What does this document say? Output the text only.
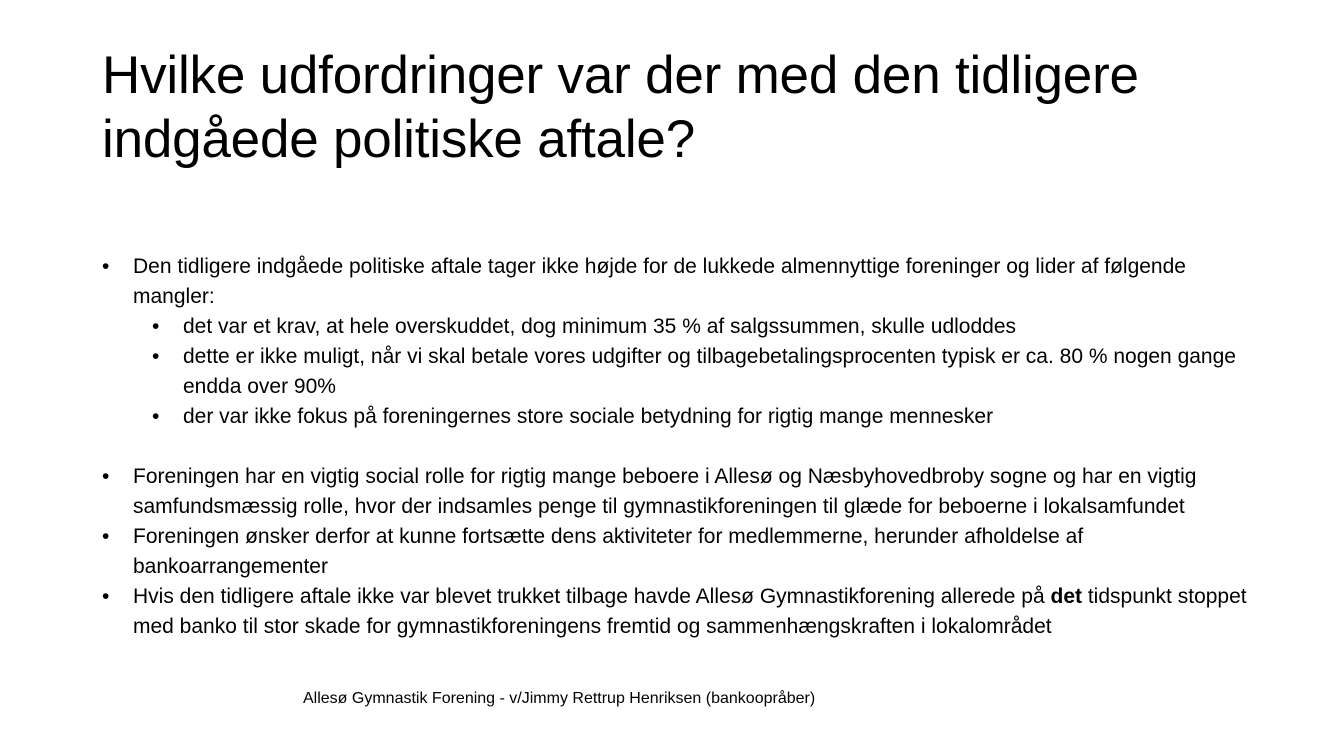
Hvilke udfordringer var der med den tidligere indgåede politiske aftale?
• Den tidligere indgåede politiske aftale tager ikke højde for de lukkede almennyttige foreninger og lider af følgende mangler:
• det var et krav, at hele overskuddet, dog minimum 35 % af salgssummen, skulle udloddes
• dette er ikke muligt, når vi skal betale vores udgifter og tilbagebetalingsprocenten typisk er ca. 80 % nogen gange endda over 90%
• der var ikke fokus på foreningernes store sociale betydning for rigtig mange mennesker
• Foreningen har en vigtig social rolle for rigtig mange beboere i Allesø og Næsbyhovedbroby sogne og har en vigtig samfundsmæssig rolle, hvor der indsamles penge til gymnastikforeningen til glæde for beboerne i lokalsamfundet
• Foreningen ønsker derfor at kunne fortsætte dens aktiviteter for medlemmerne, herunder afholdelse af bankoarrangementer
• Hvis den tidligere aftale ikke var blevet trukket tilbage havde Allesø Gymnastikforening allerede på det tidspunkt stoppet med banko til stor skade for gymnastikforeningens fremtid og sammenhængskraften i lokalområdet
Allesø Gymnastik Forening - v/Jimmy Rettrup Henriksen (bankoopråber)
